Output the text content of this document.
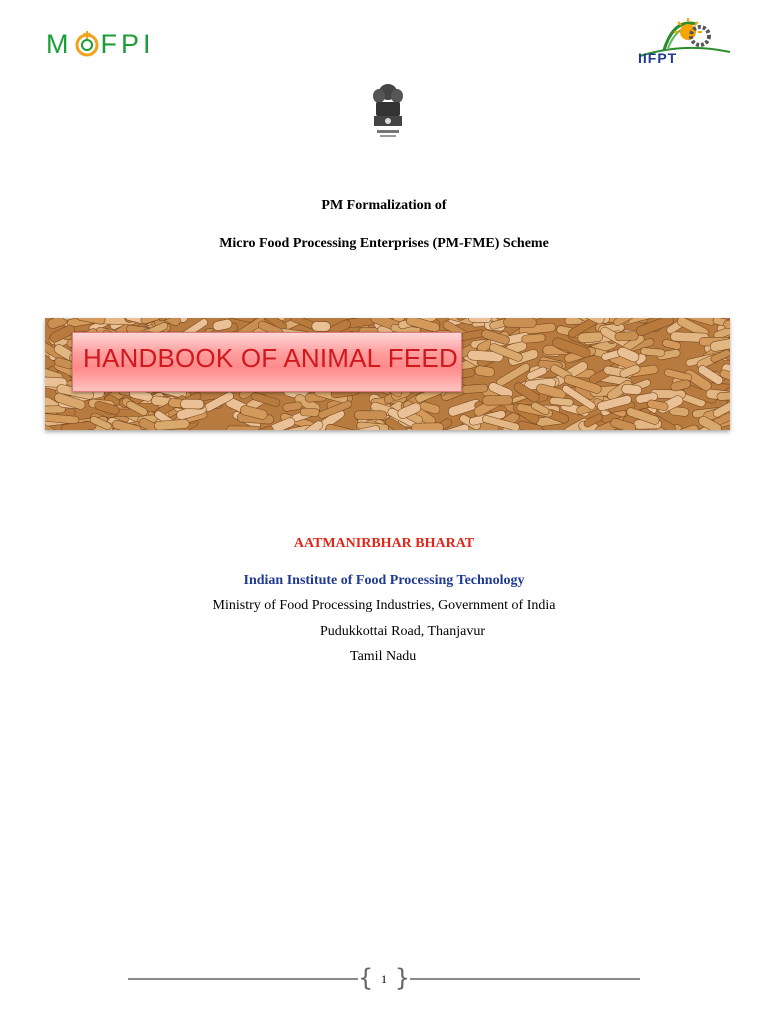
M FPI	IIFPT
PM Formalization of
Micro Food Processing Enterprises (PM-FME) Scheme
HANDBOOK OF ANIMAL FEED
AATMANIRBHAR BHARAT
Indian Institute of Food Processing Technology
Ministry of Food Processing Industries, Government of India
Pudukkottai Road, Thanjavur
Tamil Nadu
{ 1 }
